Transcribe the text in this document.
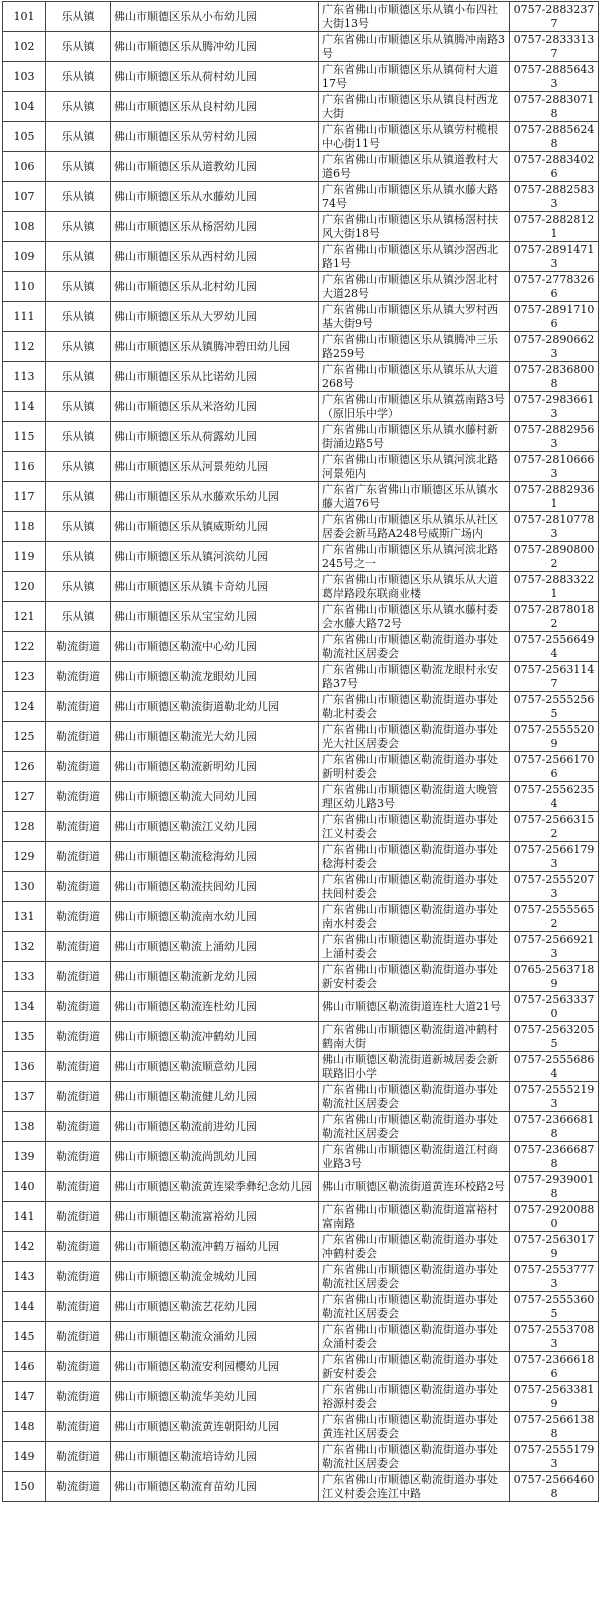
101	乐从镇	佛山市顺德区乐从小布幼儿园	广东省佛山市顺德区乐从镇小布四社大街13号	0757-28832377
102	乐从镇	佛山市顺德区乐从腾冲幼儿园	广东省佛山市顺德区乐从镇腾冲南路3号	0757-28333137
103	乐从镇	佛山市顺德区乐从荷村幼儿园	广东省佛山市顺德区乐从镇荷村大道17号	0757-28856433
104	乐从镇	佛山市顺德区乐从良村幼儿园	广东省佛山市顺德区乐从镇良村西龙大街	0757-28830718
105	乐从镇	佛山市顺德区乐从劳村幼儿园	广东省佛山市顺德区乐从镇劳村榄根中心街11号	0757-28856248
106	乐从镇	佛山市顺德区乐从道教幼儿园	广东省佛山市顺德区乐从镇道教村大道6号	0757-28834026
107	乐从镇	佛山市顺德区乐从水藤幼儿园	广东省佛山市顺德区乐从镇水藤大路74号	0757-28825833
108	乐从镇	佛山市顺德区乐从杨滘幼儿园	广东省佛山市顺德区乐从镇杨滘村扶风大街18号	0757-28828121
109	乐从镇	佛山市顺德区乐从西村幼儿园	广东省佛山市顺德区乐从镇沙滘西北路1号	0757-28914713
110	乐从镇	佛山市顺德区乐从北村幼儿园	广东省佛山市顺德区乐从镇沙滘北村大道28号	0757-27783266
111	乐从镇	佛山市顺德区乐从大罗幼儿园	广东省佛山市顺德区乐从镇大罗村西基大街9号	0757-28917106
112	乐从镇	佛山市顺德区乐从镇腾冲碧田幼儿园	广东省佛山市顺德区乐从镇腾冲三乐路259号	0757-28906623
113	乐从镇	佛山市顺德区乐从比诺幼儿园	广东省佛山市顺德区乐从镇乐从大道268号	0757-28368008
114	乐从镇	佛山市顺德区乐从米洛幼儿园	广东省佛山市顺德区乐从镇荔南路3号（原旧乐中学）	0757-29836613
115	乐从镇	佛山市顺德区乐从荷露幼儿园	广东省佛山市顺德区乐从镇水藤村新街涌边路5号	0757-28829563
116	乐从镇	佛山市顺德区乐从河景苑幼儿园	广东省佛山市顺德区乐从镇河滨北路河景苑内	0757-28106663
117	乐从镇	佛山市顺德区乐从水藤欢乐幼儿园	广东省广东省佛山市顺德区乐从镇水藤大道76号	0757-28829361
118	乐从镇	佛山市顺德区乐从镇威斯幼儿园	广东省佛山市顺德区乐从镇乐从社区居委会新马路A248号威斯广场内	0757-28107783
119	乐从镇	佛山市顺德区乐从镇河滨幼儿园	广东省佛山市顺德区乐从镇河滨北路245号之一	0757-28908002
120	乐从镇	佛山市顺德区乐从镇卡奇幼儿园	广东省佛山市顺德区乐从镇乐从大道葛岸路段东联商业楼	0757-28833221
121	乐从镇	佛山市顺德区乐从宝宝幼儿园	广东省佛山市顺德区乐从镇水藤村委会水藤大路72号	0757-28780182
122	勒流街道	佛山市顺德区勒流中心幼儿园	广东省佛山市顺德区勒流街道办事处勒流社区居委会	0757-25566494
123	勒流街道	佛山市顺德区勒流龙眼幼儿园	广东省佛山市顺德区勒流龙眼村永安路37号	0757-25631147
124	勒流街道	佛山市顺德区勒流街道勒北幼儿园	广东省佛山市顺德区勒流街道办事处勒北村委会	0757-25552565
125	勒流街道	佛山市顺德区勒流光大幼儿园	广东省佛山市顺德区勒流街道办事处光大社区居委会	0757-25555209
126	勒流街道	佛山市顺德区勒流新明幼儿园	广东省佛山市顺德区勒流街道办事处新明村委会	0757-25661706
127	勒流街道	佛山市顺德区勒流大同幼儿园	广东省佛山市顺德区勒流街道大晚管理区幼儿路3号	0757-25562354
128	勒流街道	佛山市顺德区勒流江义幼儿园	广东省佛山市顺德区勒流街道办事处江义村委会	0757-25663152
129	勒流街道	佛山市顺德区勒流稔海幼儿园	广东省佛山市顺德区勒流街道办事处稔海村委会	0757-25661793
130	勒流街道	佛山市顺德区勒流扶闾幼儿园	广东省佛山市顺德区勒流街道办事处扶闾村委会	0757-25552073
131	勒流街道	佛山市顺德区勒流南水幼儿园	广东省佛山市顺德区勒流街道办事处南水村委会	0757-25555652
132	勒流街道	佛山市顺德区勒流上涌幼儿园	广东省佛山市顺德区勒流街道办事处上涌村委会	0757-25669213
133	勒流街道	佛山市顺德区勒流新龙幼儿园	广东省佛山市顺德区勒流街道办事处新安村委会	0765-25637189
134	勒流街道	佛山市顺德区勒流连杜幼儿园	佛山市顺德区勒流街道连杜大道21号	0757-25633370
135	勒流街道	佛山市顺德区勒流冲鹤幼儿园	广东省佛山市顺德区勒流街道冲鹤村鹤南大街	0757-25632055
136	勒流街道	佛山市顺德区勒流顺意幼儿园	佛山市顺德区勒流街道新城居委会新联路旧小学	0757-25556864
137	勒流街道	佛山市顺德区勒流健儿幼儿园	广东省佛山市顺德区勒流街道办事处勒流社区居委会	0757-25552193
138	勒流街道	佛山市顺德区勒流前进幼儿园	广东省佛山市顺德区勒流街道办事处勒流社区居委会	0757-23666818
139	勒流街道	佛山市顺德区勒流尚凯幼儿园	广东省佛山市顺德区勒流街道江村商业路3号	0757-23666878
140	勒流街道	佛山市顺德区勒流黄连梁季彝纪念幼儿园	佛山市顺德区勒流街道黄连环校路2号	0757-29390018
141	勒流街道	佛山市顺德区勒流富裕幼儿园	广东省佛山市顺德区勒流街道富裕村富南路	0757-29200880
142	勒流街道	佛山市顺德区勒流冲鹤万福幼儿园	广东省佛山市顺德区勒流街道办事处冲鹤村委会	0757-25630179
143	勒流街道	佛山市顺德区勒流金城幼儿园	广东省佛山市顺德区勒流街道办事处勒流社区居委会	0757-25537773
144	勒流街道	佛山市顺德区勒流艺花幼儿园	广东省佛山市顺德区勒流街道办事处勒流社区居委会	0757-25553605
145	勒流街道	佛山市顺德区勒流众涌幼儿园	广东省佛山市顺德区勒流街道办事处众涌村委会	0757-25537083
146	勒流街道	佛山市顺德区勒流安利园樱幼儿园	广东省佛山市顺德区勒流街道办事处新安村委会	0757-23666186
147	勒流街道	佛山市顺德区勒流华美幼儿园	广东省佛山市顺德区勒流街道办事处裕源村委会	0757-25633819
148	勒流街道	佛山市顺德区勒流黄连朝阳幼儿园	广东省佛山市顺德区勒流街道办事处黄连社区居委会	0757-25661388
149	勒流街道	佛山市顺德区勒流培诗幼儿园	广东省佛山市顺德区勒流街道办事处勒流社区居委会	0757-25551793
150	勒流街道	佛山市顺德区勒流育苗幼儿园	广东省佛山市顺德区勒流街道办事处江义村委会连江中路	0757-25664608
